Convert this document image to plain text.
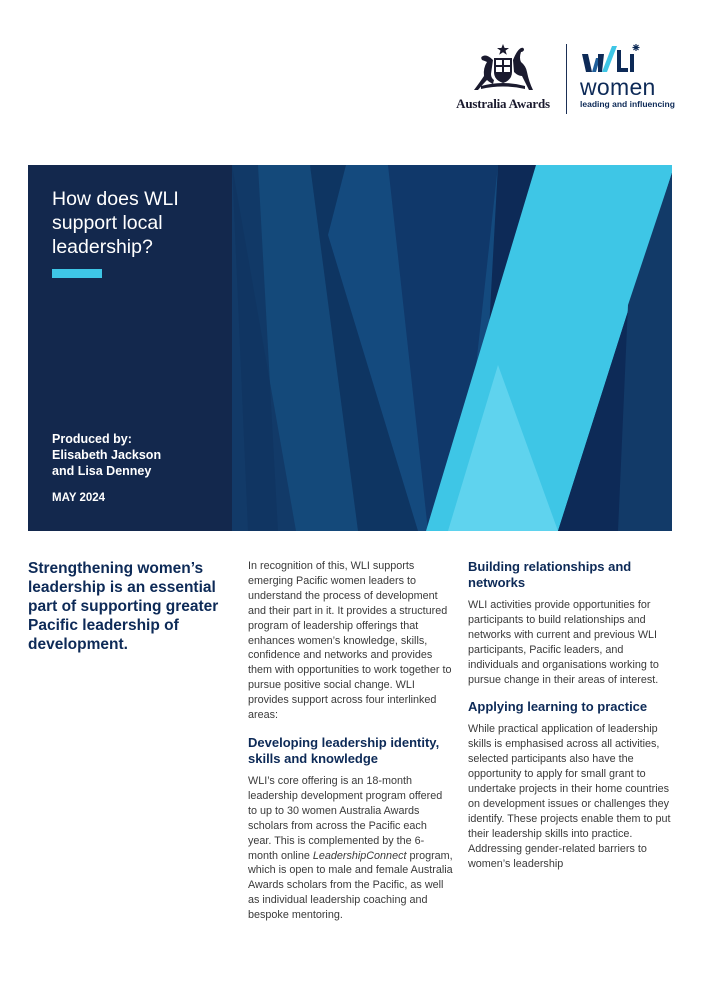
Australia Awards
women
leading and influencing
How does WLI support local leadership?
Produced by:
Elisabeth Jackson
and Lisa Denney
MAY 2024
Strengthening women’s leadership is an essential part of supporting greater Pacific leadership of development.

In recognition of this, WLI supports emerging Pacific women leaders to understand the process of development and their part in it. It provides a structured program of leadership offerings that enhances women’s knowledge, skills, confidence and networks and provides them with opportunities to work together to pursue positive social change. WLI provides support across four interlinked areas:

Developing leadership identity, skills and knowledge

WLI’s core offering is an 18-month leadership development program offered to up to 30 women Australia Awards scholars from across the Pacific each year. This is complemented by the 6-month online LeadershipConnect program, which is open to male and female Australia Awards scholars from the Pacific, as well as individual leadership coaching and bespoke mentoring.

Building relationships and networks

WLI activities provide opportunities for participants to build relationships and networks with current and previous WLI participants, Pacific leaders, and individuals and organisations working to pursue change in their areas of interest.

Applying learning to practice

While practical application of leadership skills is emphasised across all activities, selected participants also have the opportunity to apply for small grant to undertake projects in their home countries on development issues or challenges they identify. These projects enable them to put their leadership skills into practice. Addressing gender-related barriers to women’s leadership
